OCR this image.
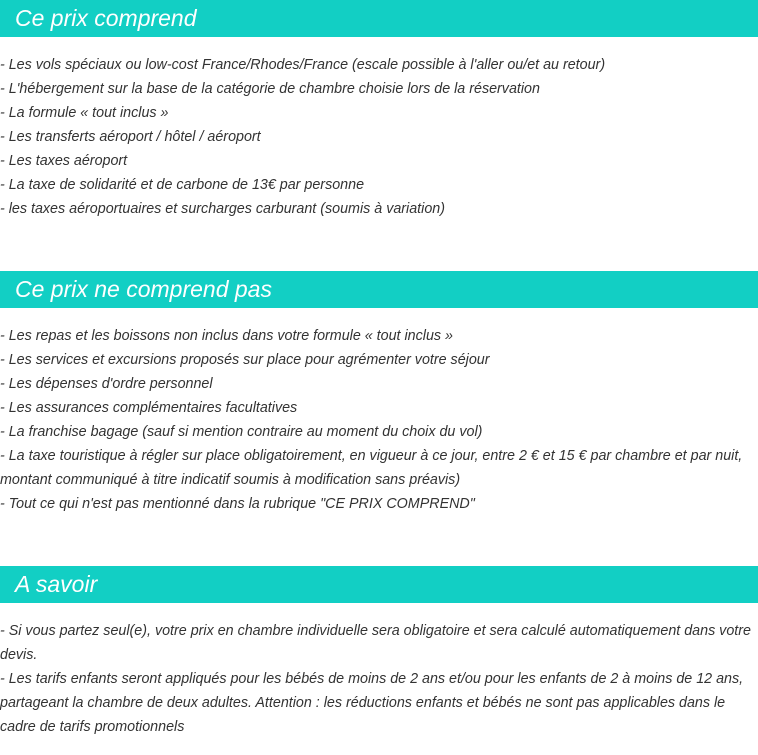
Ce prix comprend
- Les vols spéciaux ou low-cost France/Rhodes/France (escale possible à l'aller ou/et au retour)
- L'hébergement sur la base de la catégorie de chambre choisie lors de la réservation
- La formule « tout inclus »
- Les transferts aéroport / hôtel / aéroport
- Les taxes aéroport
- La taxe de solidarité et de carbone de 13€ par personne
- les taxes aéroportuaires et surcharges carburant (soumis à variation)
Ce prix ne comprend pas
- Les repas et les boissons non inclus dans votre formule « tout inclus »
- Les services et excursions proposés sur place pour agrémenter votre séjour
- Les dépenses d'ordre personnel
- Les assurances complémentaires facultatives
- La franchise bagage (sauf si mention contraire au moment du choix du vol)
- La taxe touristique à régler sur place obligatoirement, en vigueur à ce jour, entre 2 € et 15 € par chambre et par nuit, montant communiqué à titre indicatif soumis à modification sans préavis)
- Tout ce qui n'est pas mentionné dans la rubrique "CE PRIX COMPREND"
A savoir
- Si vous partez seul(e), votre prix en chambre individuelle sera obligatoire et sera calculé automatiquement dans votre devis.
- Les tarifs enfants seront appliqués pour les bébés de moins de 2 ans et/ou pour les enfants de 2 à moins de 12 ans, partageant la chambre de deux adultes. Attention : les réductions enfants et bébés ne sont pas applicables dans le cadre de tarifs promotionnels
